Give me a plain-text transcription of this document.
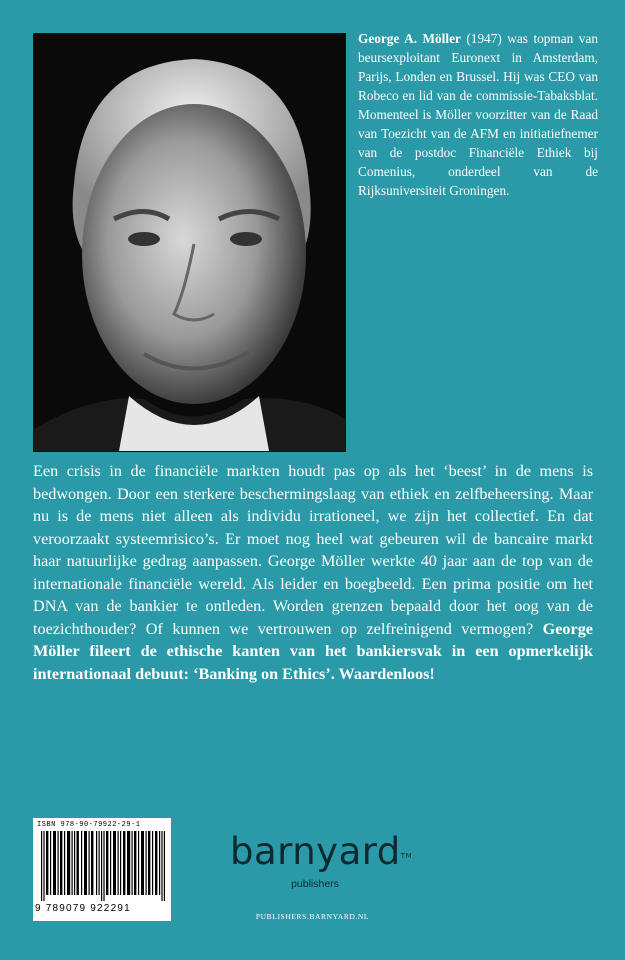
George A. Möller (1947) was topman van beursexploitant Euronext in Amsterdam, Parijs, Londen en Brussel. Hij was CEO van Robeco en lid van de commissie-Tabaksblat. Momenteel is Möller voorzitter van de Raad van Toezicht van de AFM en initiatiefnemer van de postdoc Financiële Ethiek bij Comenius, onderdeel van de Rijksuniversiteit Groningen.
Een crisis in de financiële markten houdt pas op als het ‘beest’ in de mens is bedwongen. Door een sterkere beschermingslaag van ethiek en zelfbeheersing. Maar nu is de mens niet alleen als individu irrationeel, we zijn het collectief. En dat veroorzaakt systeemrisico’s. Er moet nog heel wat gebeuren wil de bancaire markt haar natuurlijke gedrag aanpassen. George Möller werkte 40 jaar aan de top van de internationale financiële wereld. Als leider en boegbeeld. Een prima positie om het DNA van de bankier te ontleden. Worden grenzen bepaald door het oog van de toezichthouder? Of kunnen we vertrouwen op zelfreinigend vermogen? George Möller fileert de ethische kanten van het bankiersvak in een opmerkelijk internationaal debuut: ‘Banking on Ethics’. Waardenloos!
ISBN 978-90-79922-29-1
9 789079 922291
barnyard™
publishers
PUBLISHERS.BARNYARD.NL
